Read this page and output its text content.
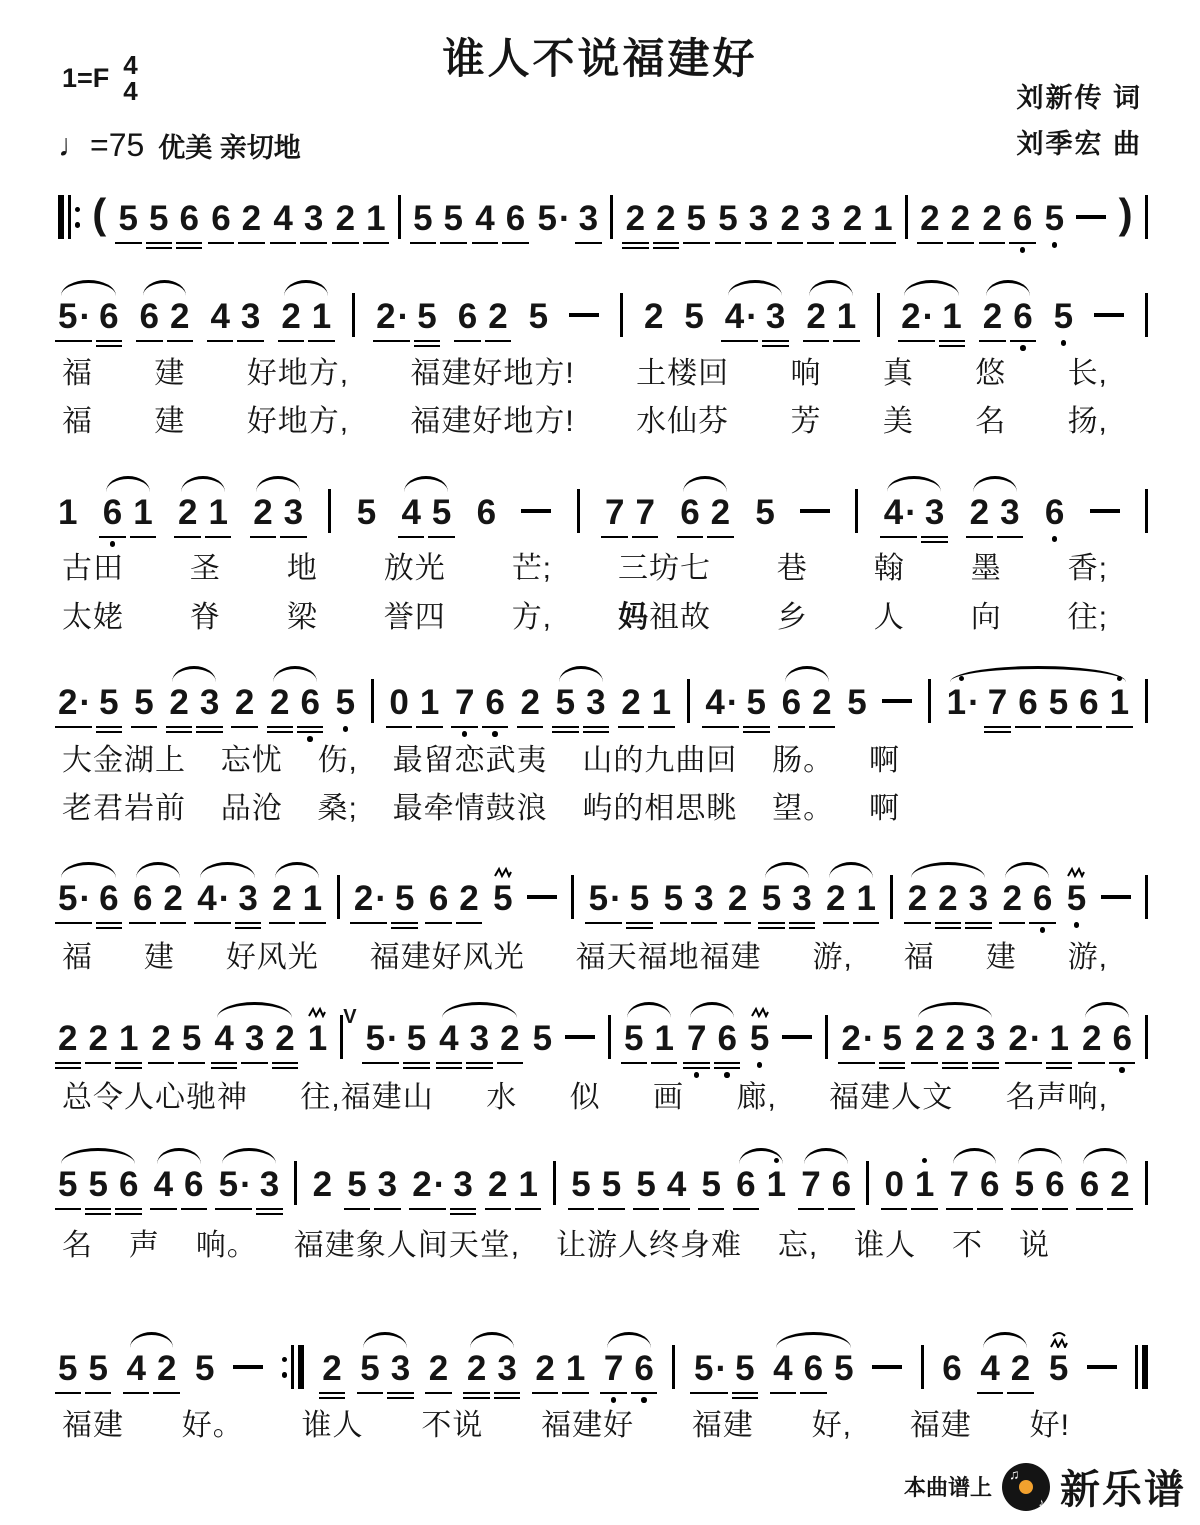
谁人不说福建好
1=F 4
4
♩=75 优美 亲切地
刘新传 词
刘季宏 曲
( 5 5 6 6 2 4 3 2 1 5 5 4 6 5 · 3 2 2 5 5 3 2 3 2 1 2 2 2 6 5 )
5 · 6 6 2 4 3 2 1 2 · 5 6 2 5	2 5 4 · 3 2 1 2 · 1 2 6 5
1 6 1 2 1 2 3 5 4 5 6	7 7 6 2 5	4 · 3 2 3 6
2 · 5 5 2 3 2 2 6 5 0 1 7 6 2 5 3 2 1 4 · 5 6 2 5 1 · 7 6 5 6 1
5 · 6 6 2 4 · 3 2 1 2 · 5 6 2 5 5 · 5 5 3 2 5 3 2 1 2 2 3 2 6 5
2 2 1 2 5 4 3 2 1
V
5 · 5 4 3 2 5 5 1 7 6 5 2 · 5 2 2 3 2 · 1 2 6
5 5 6 4 6 5 · 3 2 5 3 2 · 3 2 1 5 5 5 4 5 6 1 7 6 0 1 7 6 5 6 6 2
5 5 4 2 5	2 5 3 2 2 3 2 1 7 6 5 · 5 4 6 5	6 4 2 5
福 建 好地方, 福建好地方! 土楼回 响 真 悠 长,
福 建 好地方, 福建好地方! 水仙芬 芳 美 名 扬,
古田 圣 地 放光 芒; 三坊七 巷 翰 墨 香;
太姥 脊 梁 誉四 方, 妈祖故 乡 人 向 往;
大金湖上 忘忧 伤, 最留恋武夷 山的九曲回 肠。 啊
老君岩前 品沧 桑; 最牵情鼓浪 屿的相思眺 望。 啊
福 建 好风光 福建好风光 福天福地福建 游, 福 建 游,
总令人心驰神 往,福建山 水 似 画 廊, 福建人文 名声响,
名 声 响。 福建象人间天堂, 让游人终身难 忘, 谁人 不 说
福建 好。 谁人 不说 福建好 福建 好, 福建 好!
本曲谱上
♫
♪ 新乐谱
